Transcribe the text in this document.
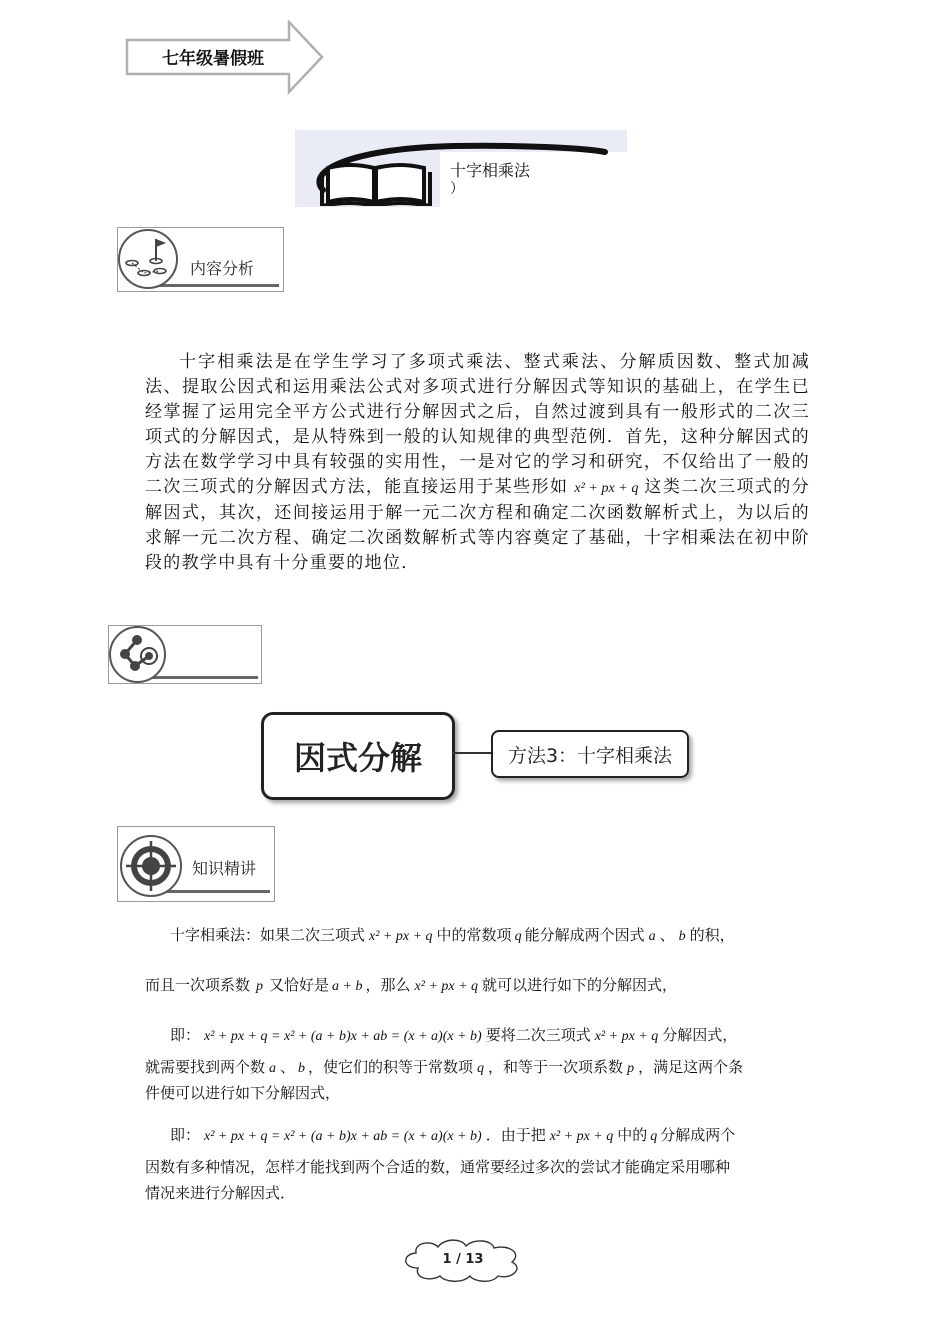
七年级暑假班
十字相乘法
）
内容分析

十字相乘法是在学生学习了多项式乘法、整式乘法、分解质因数、整式加减法、提取公因式和运用乘法公式对多项式进行分解因式等知识的基础上，在学生已经掌握了运用完全平方公式进行分解因式之后，自然过渡到具有一般形式的二次三项式的分解因式，是从特殊到一般的认知规律的典型范例．首先，这种分解因式的方法在数学学习中具有较强的实用性，一是对它的学习和研究，不仅给出了一般的二次三项式的分解因式方法，能直接运用于某些形如 x² + px + q 这类二次三项式的分解因式，其次，还间接运用于解一元二次方程和确定二次函数解析式上，为以后的求解一元二次方程、确定二次函数解析式等内容奠定了基础，十字相乘法在初中阶段的教学中具有十分重要的地位．

因式分解	方法3：十字相乘法
知识精讲
十字相乘法：如果二次三项式 x² + px + q 中的常数项 q 能分解成两个因式 a 、 b 的积，
而且一次项系数 p 又恰好是 a + b ，那么 x² + px + q 就可以进行如下的分解因式，
即： x² + px + q = x² + (a + b)x + ab = (x + a)(x + b) 要将二次三项式 x² + px + q 分解因式，
就需要找到两个数 a 、 b ，使它们的积等于常数项 q ，和等于一次项系数 p ，满足这两个条
件便可以进行如下分解因式，
即： x² + px + q = x² + (a + b)x + ab = (x + a)(x + b) ．由于把 x² + px + q 中的 q 分解成两个
因数有多种情况，怎样才能找到两个合适的数，通常要经过多次的尝试才能确定采用哪种
情况来进行分解因式．
1 / 13
